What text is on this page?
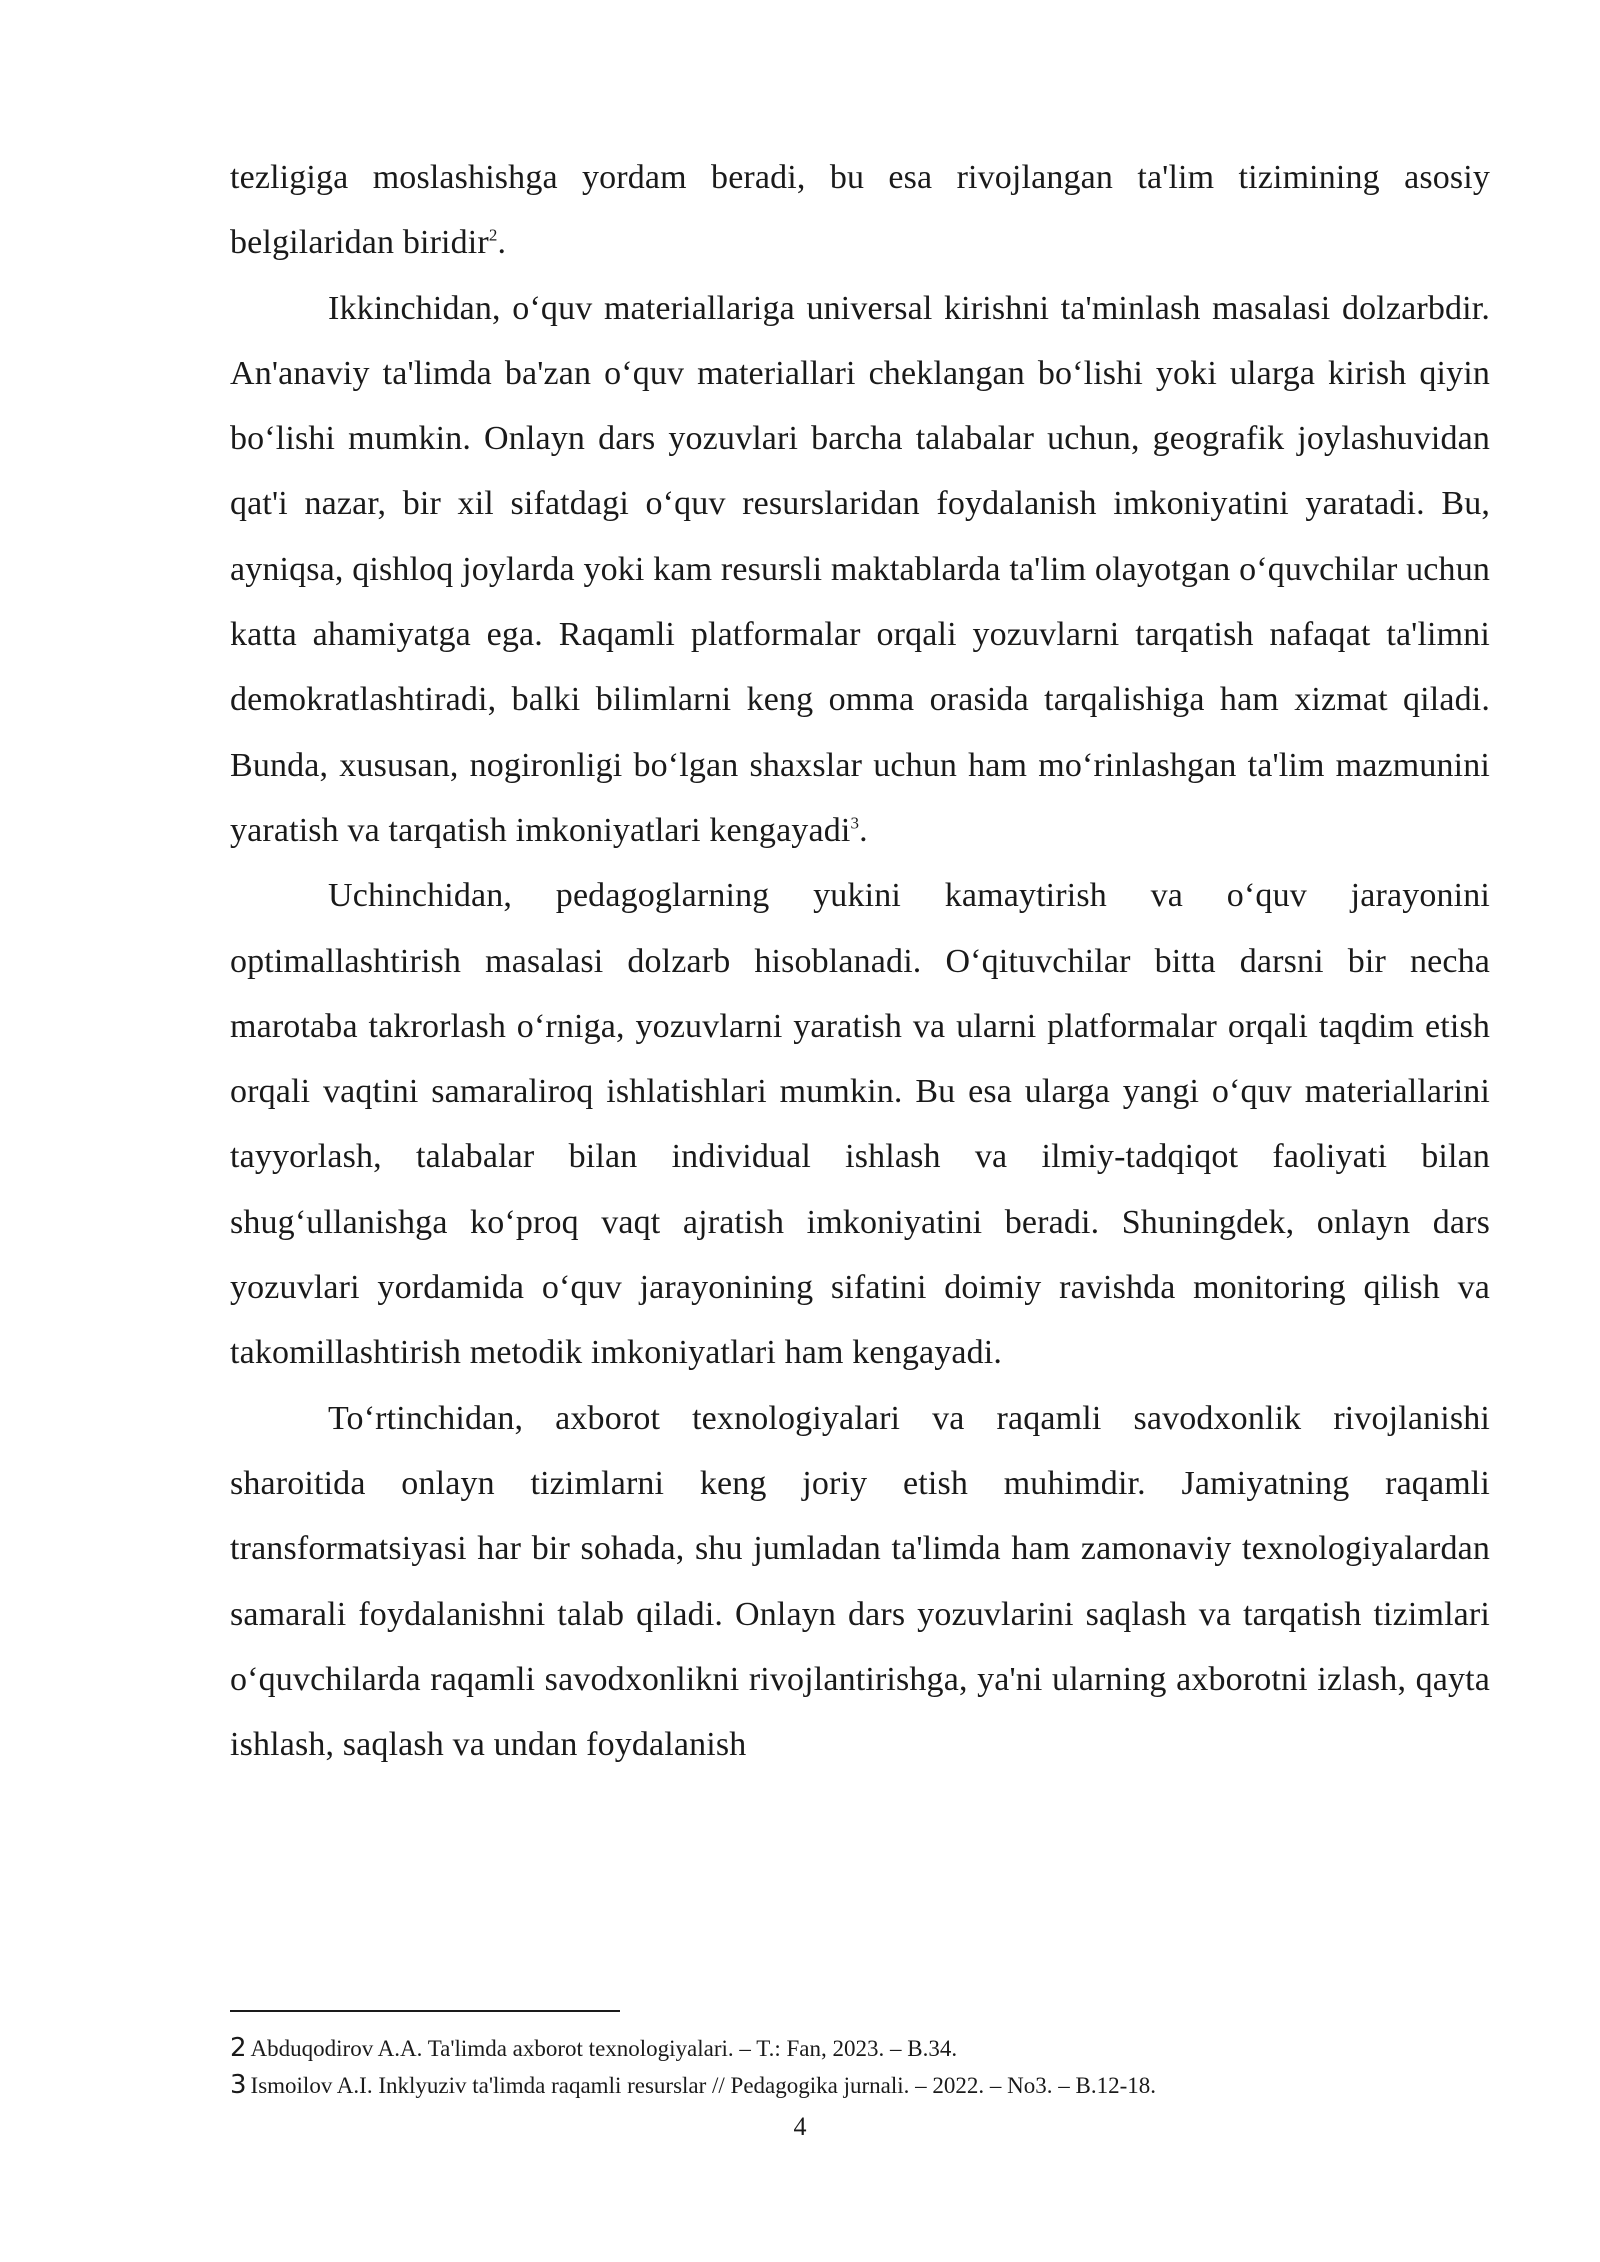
tezligiga moslashishga yordam beradi, bu esa rivojlangan ta'lim tizimining asosiy belgilaridan biridir$^2$.

Ikkinchidan, o‘quv materiallariga universal kirishni ta'minlash masalasi dolzarbdir. An'anaviy ta'limda ba'zan o‘quv materiallari cheklangan bo‘lishi yoki ularga kirish qiyin bo‘lishi mumkin. Onlayn dars yozuvlari barcha talabalar uchun, geografik joylashuvidan qat'i nazar, bir xil sifatdagi o‘quv resurslaridan foydalanish imkoniyatini yaratadi. Bu, ayniqsa, qishloq joylarda yoki kam resursli maktablarda ta'lim olayotgan o‘quvchilar uchun katta ahamiyatga ega. Raqamli platformalar orqali yozuvlarni tarqatish nafaqat ta'limni demokratlashtiradi, balki bilimlarni keng omma orasida tarqalishiga ham xizmat qiladi. Bunda, xususan, nogironligi bo‘lgan shaxslar uchun ham mo‘rinlashgan ta'lim mazmunini yaratish va tarqatish imkoniyatlari kengayadi$^3$.

Uchinchidan, pedagoglarning yukini kamaytirish va o‘quv jarayonini optimallashtirish masalasi dolzarb hisoblanadi. O‘qituvchilar bitta darsni bir necha marotaba takrorlash o‘rniga, yozuvlarni yaratish va ularni platformalar orqali taqdim etish orqali vaqtini samaraliroq ishlatishlari mumkin. Bu esa ularga yangi o‘quv materiallarini tayyorlash, talabalar bilan individual ishlash va ilmiy-tadqiqot faoliyati bilan shug‘ullanishga ko‘proq vaqt ajratish imkoniyatini beradi. Shuningdek, onlayn dars yozuvlari yordamida o‘quv jarayonining sifatini doimiy ravishda monitoring qilish va takomillashtirish metodik imkoniyatlari ham kengayadi.

To‘rtinchidan, axborot texnologiyalari va raqamli savodxonlik rivojlanishi sharoitida onlayn tizimlarni keng joriy etish muhimdir. Jamiyatning raqamli transformatsiyasi har bir sohada, shu jumladan ta'limda ham zamonaviy texnologiyalardan samarali foydalanishni talab qiladi. Onlayn dars yozuvlarini saqlash va tarqatish tizimlari o‘quvchilarda raqamli savodxonlikni rivojlantirishga, ya'ni ularning axborotni izlash, qayta ishlash, saqlash va undan foydalanish

2 Abduqodirov A.A. Ta'limda axborot texnologiyalari. – T.: Fan, 2023. – B.34.

3 Ismoilov A.I. Inklyuziv ta'limda raqamli resurslar // Pedagogika jurnali. – 2022. – No3. – B.12-18.

4
